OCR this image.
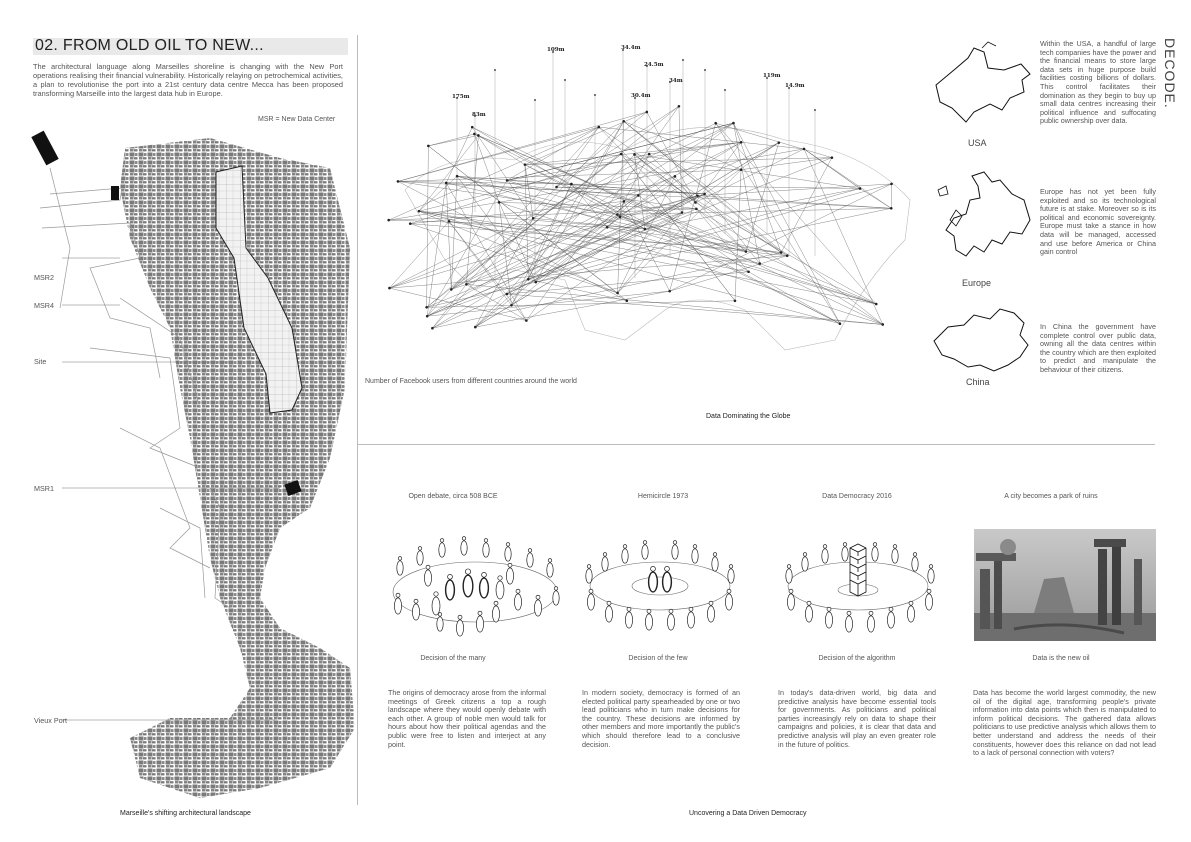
02. FROM OLD OIL TO NEW...	DECODE.
The architectural language along Marseilles shoreline is changing with the New Port operations realising their financial vulnerability. Historically relaying on petrochemical activities, a plan to revolutionise the port into a 21st century data centre Mecca has been proposed transforming Marseille into the largest data hub in Europe.
MSR = New Data Center
MSR2
MSR4
Site
MSR1
Vieux Port
Marseille's shifting architectural landscape
109m	34.4m
24.5m
34m
30.4m
175m
83m
119m
14.9m
Number of Facebook users from different countries around the world
Data Dominating the Globe
USA
Within the USA, a handful of large tech companies have the power and the financial means to store large data sets in huge purpose build facilities costing billions of dollars. This control facilitates their domination as they begin to buy up small data centres increasing their political influence and suffocating public ownership over data.
Europe
Europe has not yet been fully exploited and so its technological future is at stake. Moreover so is its political and economic sovereignty. Europe must take a stance in how data will be managed, accessed and use before America or China gain control
China
In China the government have complete control over public data, owning all the data centres within the country which are then exploited to predict and manipulate the behaviour of their citizens.
Open debate, circa 508 BCE	Hemicircle 1973	Data Democracy 2016	A city becomes a park of ruins
Decision of the many	Decision of the few	Decision of the algorithm	Data is the new oil
The origins of democracy arose from the informal meetings of Greek citizens a top a rough landscape where they would openly debate with each other. A group of noble men would talk for hours about how their political agendas and the public were free to listen and interject at any point.
In modern society, democracy is formed of an elected political party spearheaded by one or two lead politicians who in turn make decisions for the country. These decisions are informed by other members and more importantly the public's which should therefore lead to a conclusive decision.
In today's data-driven world, big data and predictive analysis have become essential tools for governments. As politicians and political parties increasingly rely on data to shape their campaigns and policies, it is clear that data and predictive analysis will play an even greater role in the future of politics.
Data has become the world largest commodity, the new oil of the digital age, transforming people's private information into data points which then is manipulated to inform political decisions. The gathered data allows politicians to use predictive analysis which allows them to better understand and address the needs of their constituents, however does this reliance on dad not lead to a lack of personal connection with voters?
Uncovering a Data Driven Democracy
